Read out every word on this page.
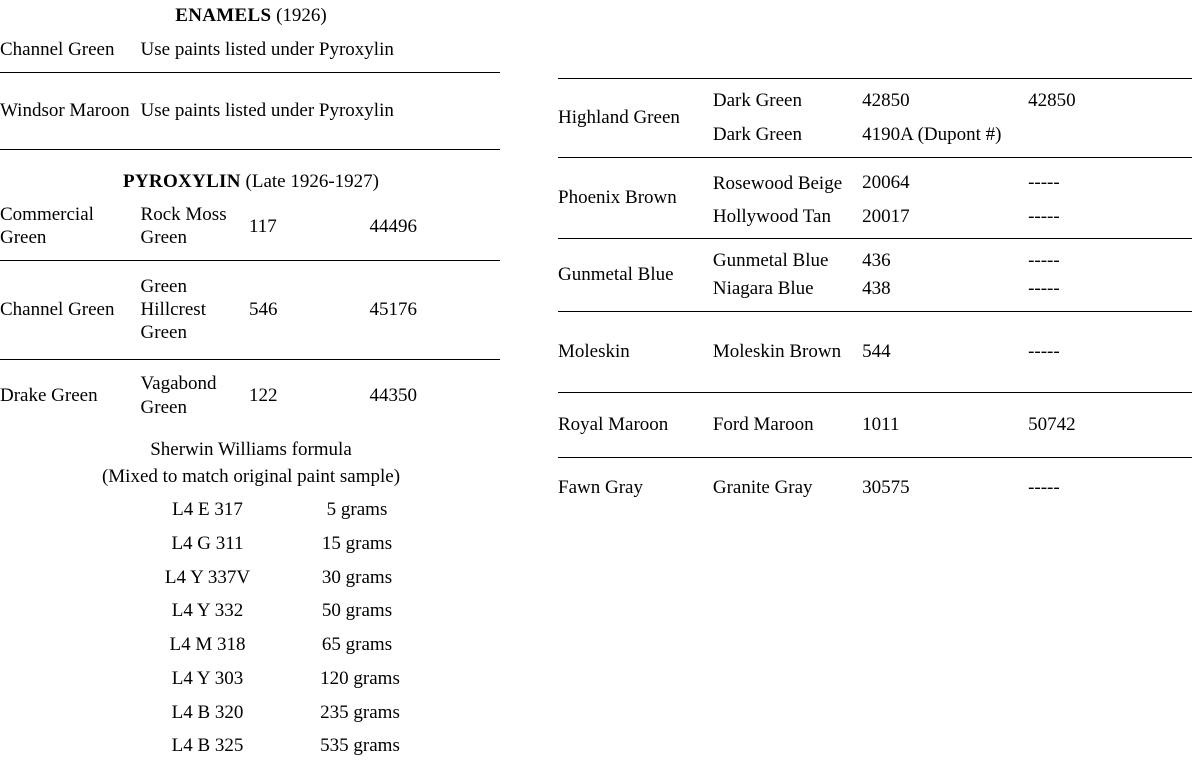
ENAMELS (1926)
Channel Green	Use paints listed under Pyroxylin

Windsor Maroon	Use paints listed under Pyroxylin

PYROXYLIN (Late 1926-1927)
Commercial Green	Rock Moss Green	117	44496

Channel Green	Green Hillcrest Green	546	45176

Drake Green	Vagabond Green	122	44350
Sherwin Williams formula
(Mixed to match original paint sample)
L4 E 317	5 grams
L4 G 311	15 grams
L4 Y 337V	30 grams
L4 Y 332	50 grams
L4 M 318	65 grams
L4 Y 303	120 grams
L4 B 320	235 grams
L4 B 325	535 grams

Highland Green	Dark Green	42850	42850
	Dark Green	4190A (Dupont #)	

Phoenix Brown	Rosewood Beige	20064	-----
	Hollywood Tan	20017	-----

Gunmetal Blue	Gunmetal Blue	436	-----
	Niagara Blue	438	-----

Moleskin	Moleskin Brown	544	-----

Royal Maroon	Ford Maroon	1011	50742

Fawn Gray	Granite Gray	30575	-----
